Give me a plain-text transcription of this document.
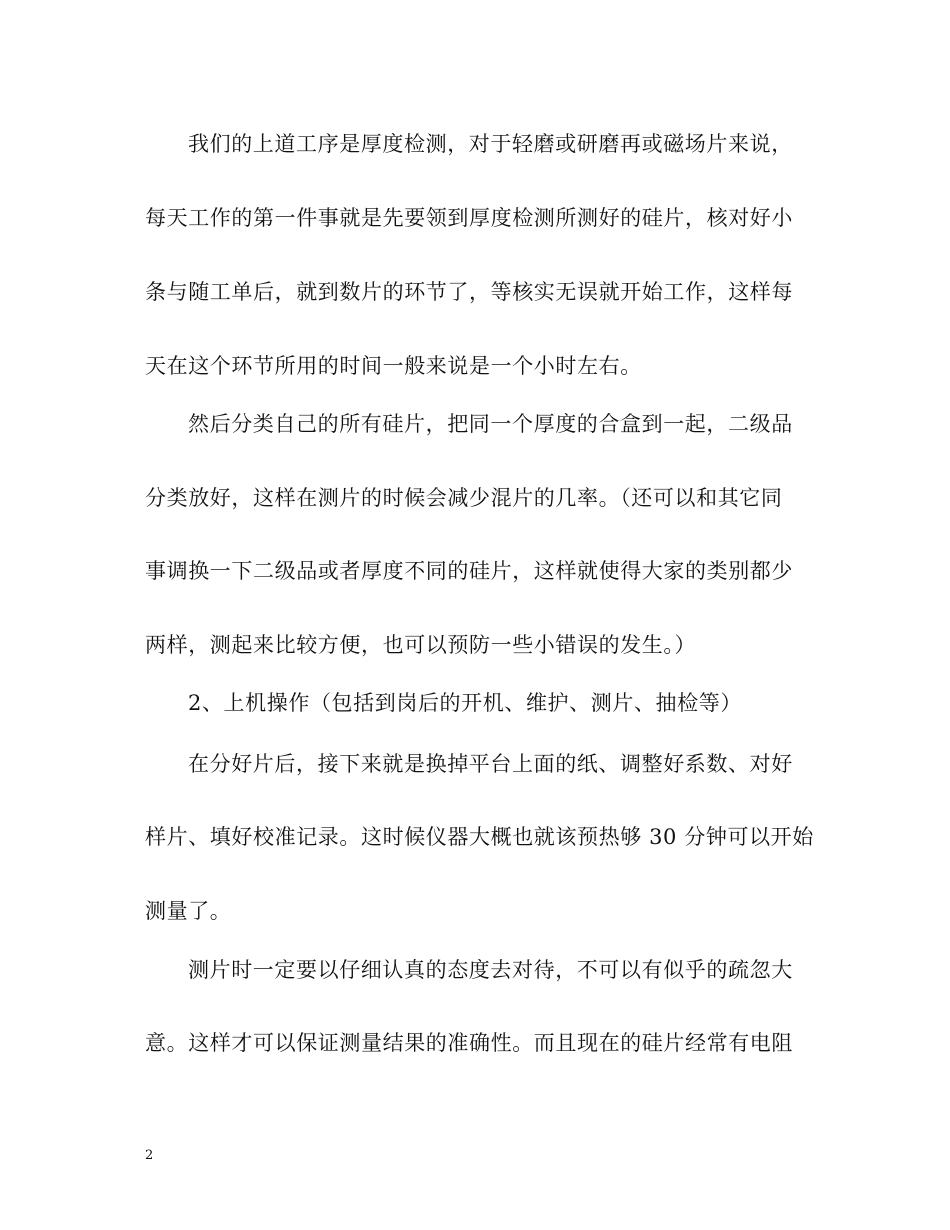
我们的上道工序是厚度检测，对于轻磨或研磨再或磁场片来说，
每天工作的第一件事就是先要领到厚度检测所测好的硅片，核对好小
条与随工单后，就到数片的环节了，等核实无误就开始工作，这样每
天在这个环节所用的时间一般来说是一个小时左右。
然后分类自己的所有硅片，把同一个厚度的合盒到一起，二级品
分类放好，这样在测片的时候会减少混片的几率。（还可以和其它同
事调换一下二级品或者厚度不同的硅片，这样就使得大家的类别都少
两样，测起来比较方便，也可以预防一些小错误的发生。）
2、上机操作（包括到岗后的开机、维护、测片、抽检等）
在分好片后，接下来就是换掉平台上面的纸、调整好系数、对好
样片、填好校准记录。这时候仪器大概也就该预热够 30 分钟可以开始
测量了。
测片时一定要以仔细认真的态度去对待，不可以有似乎的疏忽大
意。这样才可以保证测量结果的准确性。而且现在的硅片经常有电阻
2
